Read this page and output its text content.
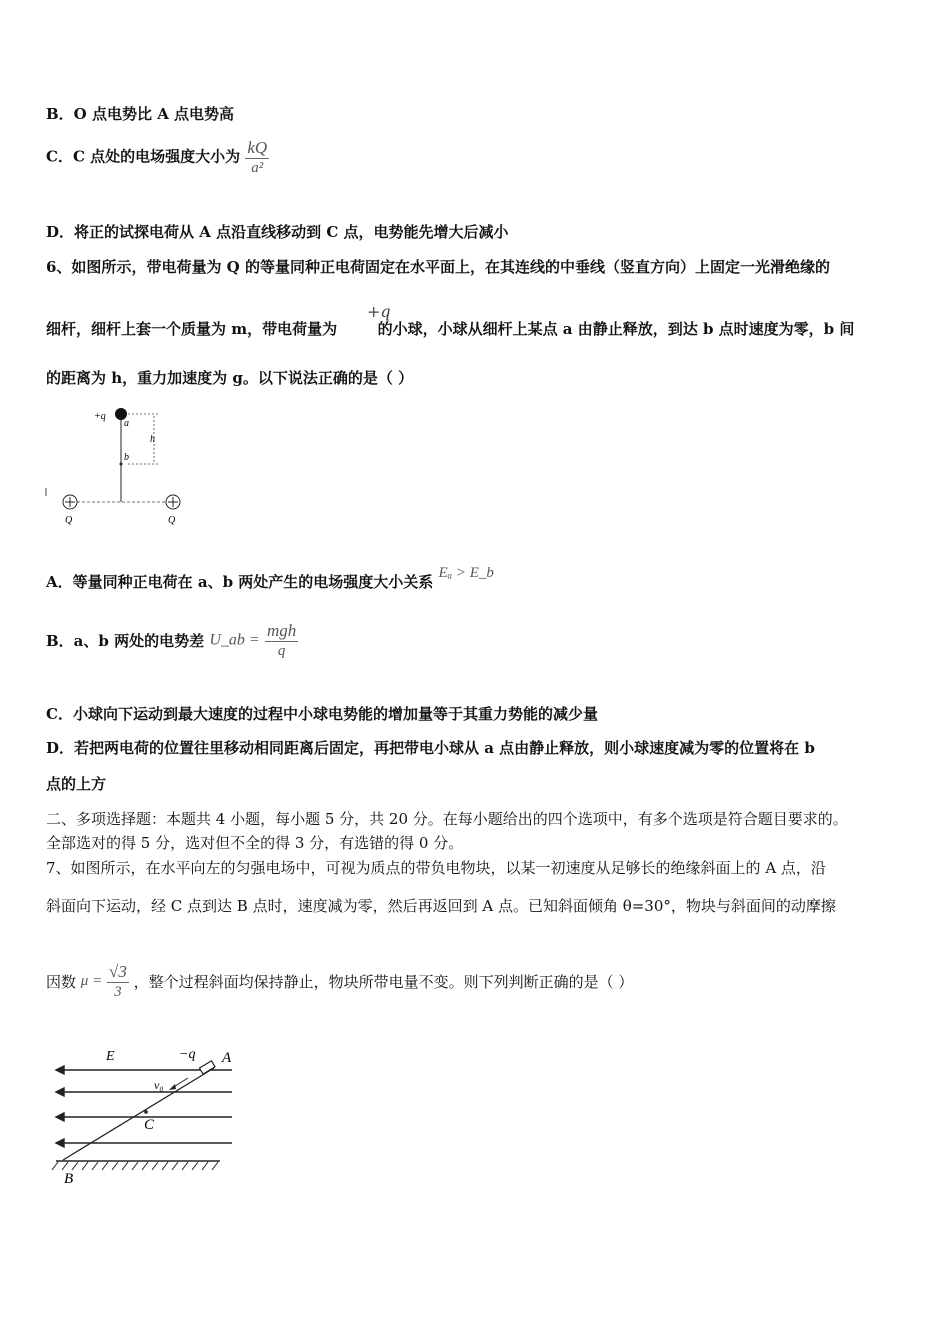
B．O 点电势比 A 点电势高
C．C 点处的电场强度大小为 $\frac{kQ}{\text{a²}}$
D．将正的试探电荷从 A 点沿直线移动到 C 点，电势能先增大后减小
6、如图所示，带电荷量为 Q 的等量同种正电荷固定在水平面上，在其连线的中垂线（竖直方向）上固定一光滑绝缘的
+q
细杆，细杆上套一个质量为 m，带电荷量为	的小球，小球从细杆上某点 a 由静止释放，到达 b 点时速度为零，b 间
的距离为 h，重力加速度为 g。以下说法正确的是（ ）
+q
h
a
b
Q	Q
A．等量同种正电荷在 a、b 两处产生的电场强度大小关系 Eₐ > E_b
B．a、b 两处的电势差 U_ab = $\frac{\text{mgh}}{q}$
C．小球向下运动到最大速度的过程中小球电势能的增加量等于其重力势能的减少量
D．若把两电荷的位置往里移动相同距离后固定，再把带电小球从 a 点由静止释放，则小球速度减为零的位置将在 b
点的上方
二、多项选择题：本题共 4 小题，每小题 5 分，共 20 分。在每小题给出的四个选项中，有多个选项是符合题目要求的。
全部选对的得 5 分，选对但不全的得 3 分，有选错的得 0 分。
7、如图所示，在水平向左的匀强电场中，可视为质点的带负电物块，以某一初速度从足够长的绝缘斜面上的 A 点，沿
斜面向下运动，经 C 点到达 B 点时，速度减为零，然后再返回到 A 点。已知斜面倾角 θ=30°，物块与斜面间的动摩擦
因数 $\mu = \frac{√3}{3}$ ，整个过程斜面均保持静止，物块所带电量不变。则下列判断正确的是（ ）
E	−q A
v₀
C
B
